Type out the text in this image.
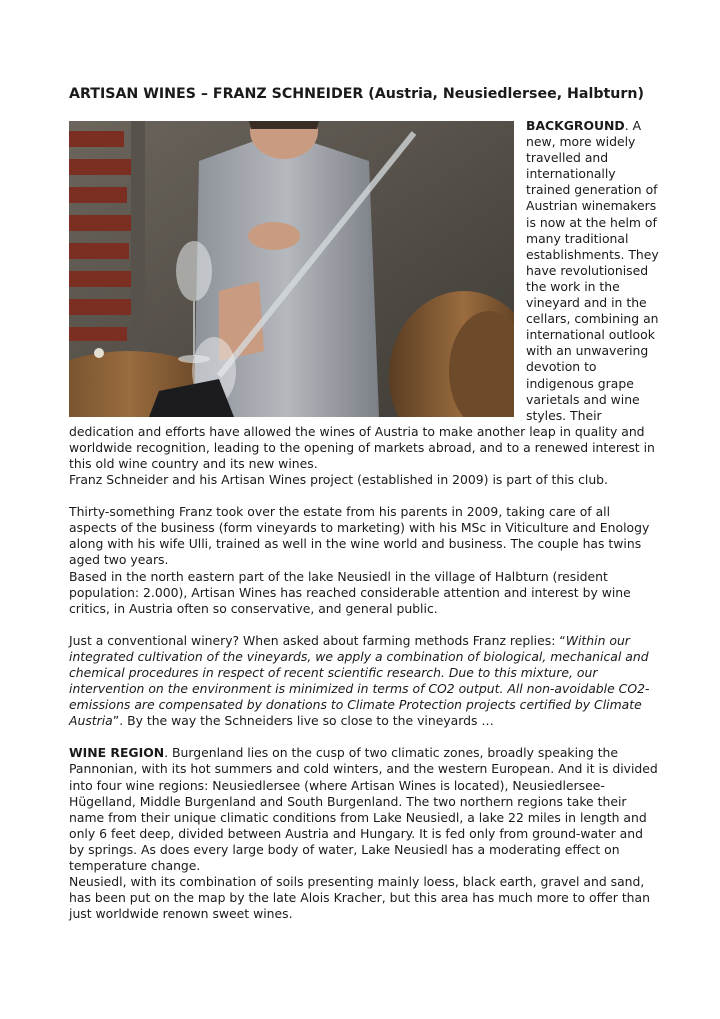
ARTISAN WINES – FRANZ SCHNEIDER (Austria, Neusiedlersee, Halbturn)

BACKGROUND. A new, more widely travelled and internationally trained generation of Austrian winemakers is now at the helm of many traditional establishments. They have revolutionised the work in the vineyard and in the cellars, combining an international outlook with an unwavering devotion to indigenous grape varietals and wine styles. Their dedication and efforts have allowed the wines of Austria to make another leap in quality and worldwide recognition, leading to the opening of markets abroad, and to a renewed interest in this old wine country and its new wines.

Franz Schneider and his Artisan Wines project (established in 2009) is part of this club.

Thirty-something Franz took over the estate from his parents in 2009, taking care of all aspects of the business (form vineyards to marketing) with his MSc in Viticulture and Enology along with his wife Ulli, trained as well in the wine world and business. The couple has twins aged two years.

Based in the north eastern part of the lake Neusiedl in the village of Halbturn (resident population: 2.000), Artisan Wines has reached considerable attention and interest by wine critics, in Austria often so conservative, and general public.

Just a conventional winery? When asked about farming methods Franz replies: “Within our integrated cultivation of the vineyards, we apply a combination of biological, mechanical and chemical procedures in respect of recent scientific research. Due to this mixture, our intervention on the environment is minimized in terms of CO2 output. All non-avoidable CO2-emissions are compensated by donations to Climate Protection projects certified by Climate Austria”. By the way the Schneiders live so close to the vineyards …

WINE REGION. Burgenland lies on the cusp of two climatic zones, broadly speaking the Pannonian, with its hot summers and cold winters, and the western European. And it is divided into four wine regions: Neusiedlersee (where Artisan Wines is located), Neusiedlersee-Hügelland, Middle Burgenland and South Burgenland. The two northern regions take their name from their unique climatic conditions from Lake Neusiedl, a lake 22 miles in length and only 6 feet deep, divided between Austria and Hungary. It is fed only from ground-water and by springs. As does every large body of water, Lake Neusiedl has a moderating effect on temperature change.

Neusiedl, with its combination of soils presenting mainly loess, black earth, gravel and sand, has been put on the map by the late Alois Kracher, but this area has much more to offer than just worldwide renown sweet wines.
